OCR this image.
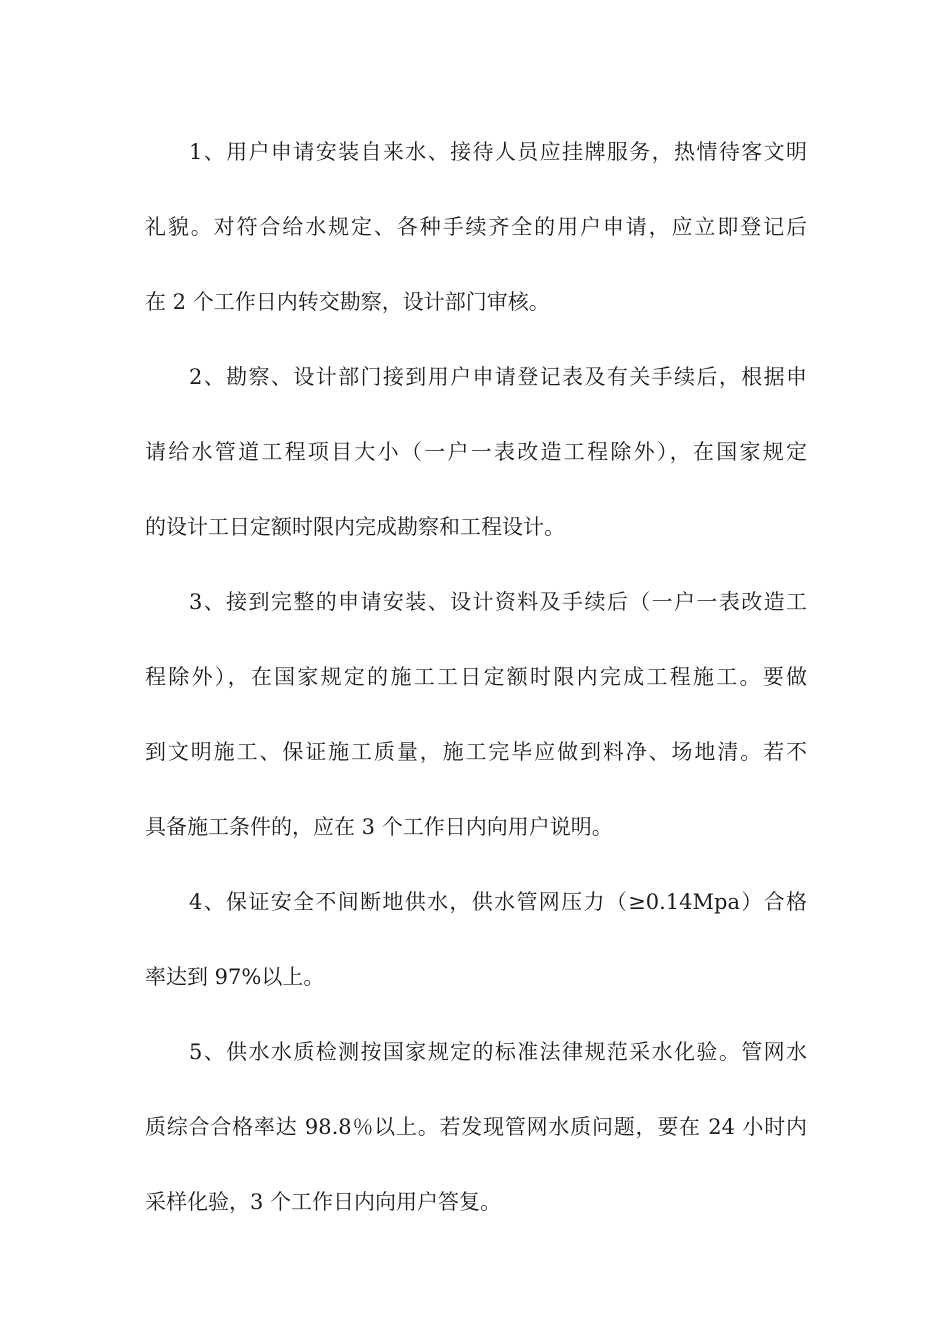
1、用户申请安装自来水、接待人员应挂牌服务，热情待客文明
礼貌。对符合给水规定、各种手续齐全的用户申请，应立即登记后
在 2 个工作日内转交勘察，设计部门审核。
2、勘察、设计部门接到用户申请登记表及有关手续后，根据申
请给水管道工程项目大小（一户一表改造工程除外），在国家规定
的设计工日定额时限内完成勘察和工程设计。
3、接到完整的申请安装、设计资料及手续后（一户一表改造工
程除外），在国家规定的施工工日定额时限内完成工程施工。要做
到文明施工、保证施工质量，施工完毕应做到料净、场地清。若不
具备施工条件的，应在 3 个工作日内向用户说明。
4、保证安全不间断地供水，供水管网压力（≥0.14Mpa）合格
率达到 97%以上。
5、供水水质检测按国家规定的标准法律规范采水化验。管网水
质综合合格率达 98.8％以上。若发现管网水质问题，要在 24 小时内
采样化验，3 个工作日内向用户答复。
